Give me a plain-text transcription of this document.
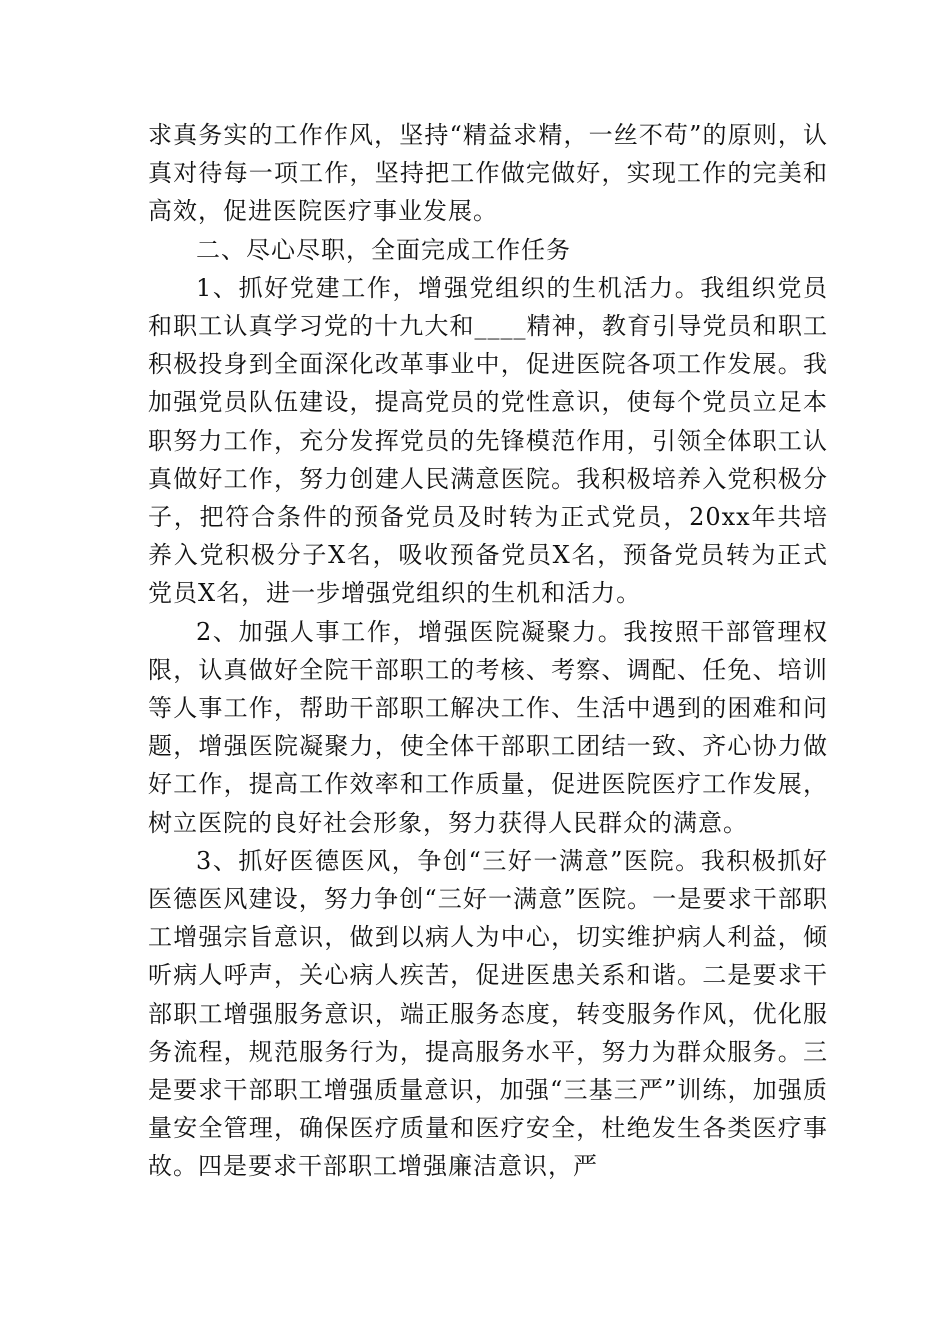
求真务实的工作作风，坚持“精益求精，一丝不苟”的原则，认真对待每一项工作，坚持把工作做完做好，实现工作的完美和高效，促进医院医疗事业发展。

二、尽心尽职，全面完成工作任务

1、抓好党建工作，增强党组织的生机活力。我组织党员和职工认真学习党的十九大和____精神，教育引导党员和职工积极投身到全面深化改革事业中，促进医院各项工作发展。我加强党员队伍建设，提高党员的党性意识，使每个党员立足本职努力工作，充分发挥党员的先锋模范作用，引领全体职工认真做好工作，努力创建人民满意医院。我积极培养入党积极分子，把符合条件的预备党员及时转为正式党员，20xx年共培养入党积极分子X名，吸收预备党员X名，预备党员转为正式党员X名，进一步增强党组织的生机和活力。

2、加强人事工作，增强医院凝聚力。我按照干部管理权限，认真做好全院干部职工的考核、考察、调配、任免、培训等人事工作，帮助干部职工解决工作、生活中遇到的困难和问题，增强医院凝聚力，使全体干部职工团结一致、齐心协力做好工作，提高工作效率和工作质量，促进医院医疗工作发展，树立医院的良好社会形象，努力获得人民群众的满意。

3、抓好医德医风，争创“三好一满意”医院。我积极抓好医德医风建设，努力争创“三好一满意”医院。一是要求干部职工增强宗旨意识，做到以病人为中心，切实维护病人利益，倾听病人呼声，关心病人疾苦，促进医患关系和谐。二是要求干部职工增强服务意识，端正服务态度，转变服务作风，优化服务流程，规范服务行为，提高服务水平，努力为群众服务。三是要求干部职工增强质量意识，加强“三基三严”训练，加强质量安全管理，确保医疗质量和医疗安全，杜绝发生各类医疗事故。四是要求干部职工增强廉洁意识，严
